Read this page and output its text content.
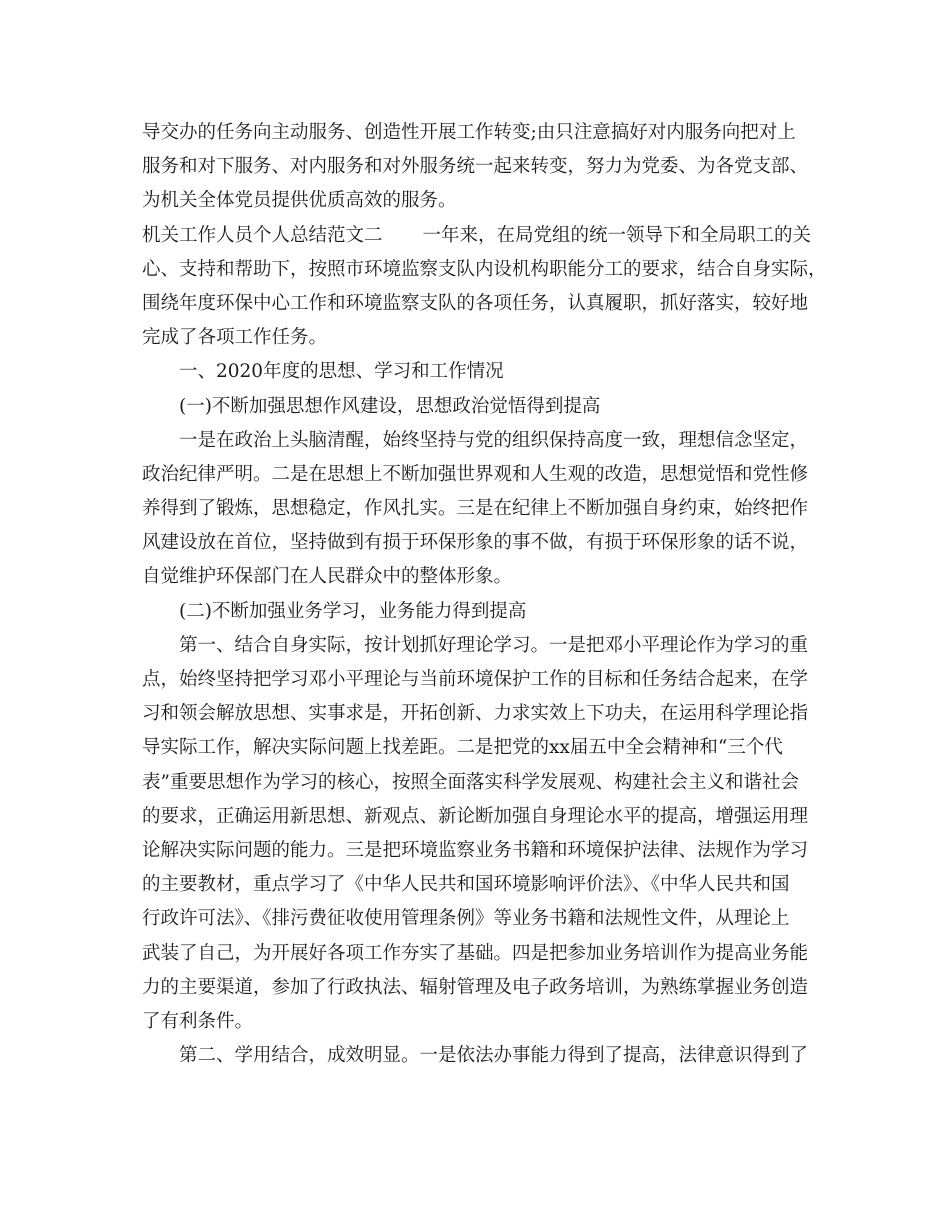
导交办的任务向主动服务、创造性开展工作转变;由只注意搞好对内服务向把对上
服务和对下服务、对内服务和对外服务统一起来转变，努力为党委、为各党支部、
为机关全体党员提供优质高效的服务。
机关工作人员个人总结范文二 一年来，在局党组的统一领导下和全局职工的关
心、支持和帮助下，按照市环境监察支队内设机构职能分工的要求，结合自身实际，
围绕年度环保中心工作和环境监察支队的各项任务，认真履职，抓好落实，较好地
完成了各项工作任务。
一、2020年度的思想、学习和工作情况
(一)不断加强思想作风建设，思想政治觉悟得到提高
一是在政治上头脑清醒，始终坚持与党的组织保持高度一致，理想信念坚定，
政治纪律严明。二是在思想上不断加强世界观和人生观的改造，思想觉悟和党性修
养得到了锻炼，思想稳定，作风扎实。三是在纪律上不断加强自身约束，始终把作
风建设放在首位，坚持做到有损于环保形象的事不做，有损于环保形象的话不说，
自觉维护环保部门在人民群众中的整体形象。
(二)不断加强业务学习，业务能力得到提高
第一、结合自身实际，按计划抓好理论学习。一是把邓小平理论作为学习的重
点，始终坚持把学习邓小平理论与当前环境保护工作的目标和任务结合起来，在学
习和领会解放思想、实事求是，开拓创新、力求实效上下功夫，在运用科学理论指
导实际工作，解决实际问题上找差距。二是把党的xx届五中全会精神和“三个代
表”重要思想作为学习的核心，按照全面落实科学发展观、构建社会主义和谐社会
的要求，正确运用新思想、新观点、新论断加强自身理论水平的提高，增强运用理
论解决实际问题的能力。三是把环境监察业务书籍和环境保护法律、法规作为学习
的主要教材，重点学习了《中华人民共和国环境影响评价法》、《中华人民共和国
行政许可法》、《排污费征收使用管理条例》等业务书籍和法规性文件，从理论上
武装了自己，为开展好各项工作夯实了基础。四是把参加业务培训作为提高业务能
力的主要渠道，参加了行政执法、辐射管理及电子政务培训，为熟练掌握业务创造
了有利条件。
第二、学用结合，成效明显。一是依法办事能力得到了提高，法律意识得到了
